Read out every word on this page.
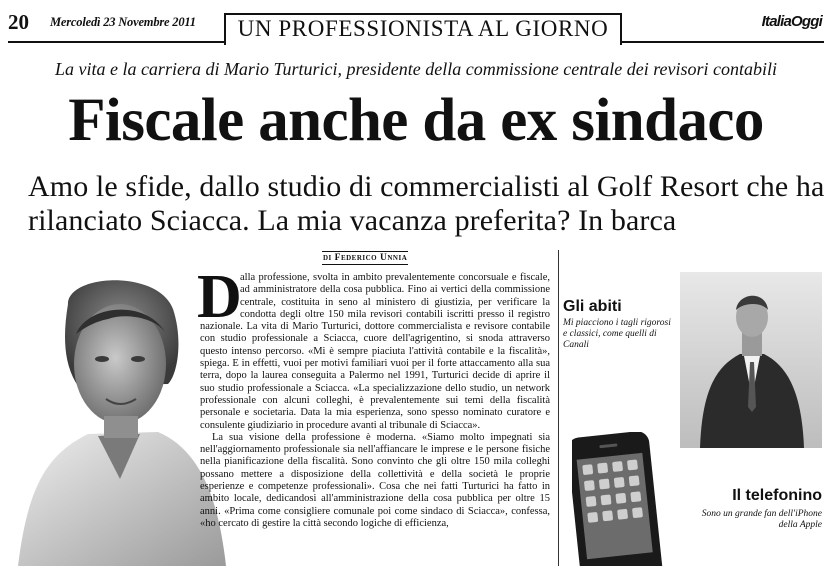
20 Mercoledì 23 Novembre 2011	UN PROFESSIONISTA AL GIORNO	ItaliaOggi
La vita e la carriera di Mario Turturici, presidente della commissione centrale dei revisori contabili
Fiscale anche da ex sindaco
Amo le sfide, dallo studio di commercialisti al Golf Resort che ha rilanciato Sciacca. La mia vacanza preferita? In barca
di Federico Unnia
D

alla professione, svolta in ambito prevalentemente concorsuale e fiscale, ad amministratore della cosa pubblica. Fino ai vertici della commissione centrale, costituita in seno al ministero di giustizia, per verificare la condotta degli oltre 150 mila revisori contabili iscritti presso il registro nazionale. La vita di Mario Turturici, dottore commercialista e revisore contabile con studio professionale a Sciacca, cuore dell'agrigentino, si snoda attraverso questo intenso percorso. «Mi è sempre piaciuta l'attività contabile e la fiscalità», spiega. E in effetti, vuoi per motivi familiari vuoi per il forte attaccamento alla sua terra, dopo la laurea conseguita a Palermo nel 1991, Turturici decide di aprire il suo studio professionale a Sciacca. «La specializzazione dello studio, un network professionale con alcuni colleghi, è prevalentemente sui temi della fiscalità personale e societaria. Data la mia esperienza, sono spesso nominato curatore e consulente giudiziario in procedure avanti al tribunale di Sciacca».

La sua visione della professione è moderna. «Siamo molto impegnati sia nell'aggiornamento professionale sia nell'affiancare le imprese e le persone fisiche nella pianificazione della fiscalità. Sono convinto che gli oltre 150 mila colleghi possano mettere a disposizione della collettività e della società le proprie esperienze e competenze professionali». Cosa che nei fatti Turturici ha fatto in ambito locale, dedicandosi all'amministrazione della cosa pubblica per oltre 15 anni. «Prima come consigliere comunale poi come sindaco di Sciacca», confessa, «ho cercato di gestire la città secondo logiche di efficienza,

Gli abiti
Mi piacciono i tagli rigorosi e classici, come quelli di Canali
Il telefonino
Sono un grande fan dell'iPhone della Apple
